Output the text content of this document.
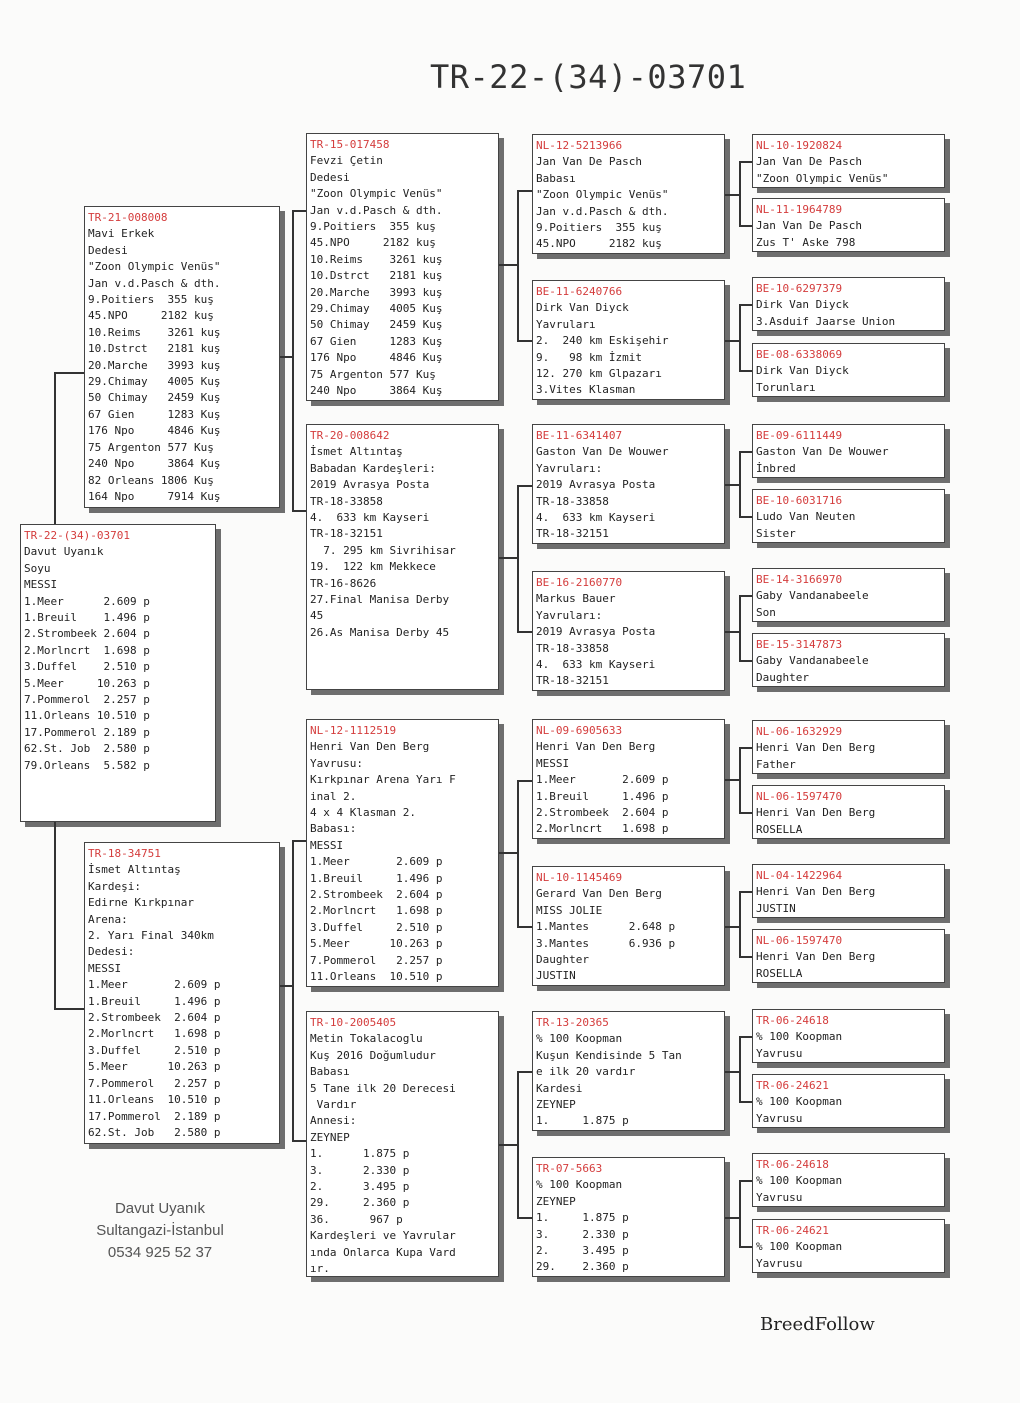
TR-22-(34)-03701
TR-22-(34)-03701
Davut Uyanık
Soyu
MESSI
1.Meer      2.609 p
1.Breuil    1.496 p
2.Strombeek 2.604 p
2.Morlncrt  1.698 p
3.Duffel    2.510 p
5.Meer     10.263 p
7.Pommerol  2.257 p
11.Orleans 10.510 p
17.Pommerol 2.189 p
62.St. Job  2.580 p
79.Orleans  5.582 p
TR-21-008008
Mavi Erkek
Dedesi
"Zoon Olympic Venüs"
Jan v.d.Pasch & dth.
9.Poitiers  355 kuş
45.NPO     2182 kuş
10.Reims    3261 kuş
10.Dstrct   2181 kuş
20.Marche   3993 kuş
29.Chimay   4005 Kuş
50 Chimay   2459 Kuş
67 Gien     1283 Kuş
176 Npo     4846 Kuş
75 Argenton 577 Kuş
240 Npo     3864 Kuş
82 Orleans 1806 Kuş
164 Npo     7914 Kuş
TR-18-34751
İsmet Altıntaş
Kardeşi:
Edirne Kırkpınar
Arena:
2. Yarı Final 340km
Dedesi:
MESSI
1.Meer       2.609 p
1.Breuil     1.496 p
2.Strombeek  2.604 p
2.Morlncrt   1.698 p
3.Duffel     2.510 p
5.Meer      10.263 p
7.Pommerol   2.257 p
11.Orleans  10.510 p
17.Pommerol  2.189 p
62.St. Job   2.580 p
TR-15-017458
Fevzi Çetin
Dedesi
"Zoon Olympic Venüs"
Jan v.d.Pasch & dth.
9.Poitiers  355 kuş
45.NPO     2182 kuş
10.Reims    3261 kuş
10.Dstrct   2181 kuş
20.Marche   3993 kuş
29.Chimay   4005 Kuş
50 Chimay   2459 Kuş
67 Gien     1283 Kuş
176 Npo     4846 Kuş
75 Argenton 577 Kuş
240 Npo     3864 Kuş
TR-20-008642
İsmet Altıntaş
Babadan Kardeşleri:
2019 Avrasya Posta
TR-18-33858
4.  633 km Kayseri
TR-18-32151
7. 295 km Sivrihisar
19.  122 km Mekkece
TR-16-8626
27.Final Manisa Derby
45
26.As Manisa Derby 45
NL-12-1112519
Henri Van Den Berg
Yavrusu:
Kırkpınar Arena Yarı F
inal 2.
4 x 4 Klasman 2.
Babası:
MESSI
1.Meer       2.609 p
1.Breuil     1.496 p
2.Strombeek  2.604 p
2.Morlncrt   1.698 p
3.Duffel     2.510 p
5.Meer      10.263 p
7.Pommerol   2.257 p
11.Orleans  10.510 p
TR-10-2005405
Metin Tokalacoglu
Kuş 2016 Doğumludur
Babası
5 Tane ilk 20 Derecesi
Vardır
Annesi:
ZEYNEP
1.      1.875 p
3.      2.330 p
2.      3.495 p
29.     2.360 p
36.      967 p
Kardeşleri ve Yavrular
ında Onlarca Kupa Vard
ır.
NL-12-5213966
Jan Van De Pasch
Babası
"Zoon Olympic Venüs"
Jan v.d.Pasch & dth.
9.Poitiers  355 kuş
45.NPO     2182 kuş
BE-11-6240766
Dirk Van Diyck
Yavruları
2.  240 km Eskişehir
9.   98 km İzmit
12. 270 km Glpazarı
3.Vites Klasman
BE-11-6341407
Gaston Van De Wouwer
Yavruları:
2019 Avrasya Posta
TR-18-33858
4.  633 km Kayseri
TR-18-32151
BE-16-2160770
Markus Bauer
Yavruları:
2019 Avrasya Posta
TR-18-33858
4.  633 km Kayseri
TR-18-32151
NL-09-6905633
Henri Van Den Berg
MESSI
1.Meer       2.609 p
1.Breuil     1.496 p
2.Strombeek  2.604 p
2.Morlncrt   1.698 p
NL-10-1145469
Gerard Van Den Berg
MISS JOLIE
1.Mantes      2.648 p
3.Mantes      6.936 p
Daughter
JUSTIN
TR-13-20365
% 100 Koopman
Kuşun Kendisinde 5 Tan
e ilk 20 vardır
Kardesi
ZEYNEP
1.     1.875 p
TR-07-5663
% 100 Koopman
ZEYNEP
1.     1.875 p
3.     2.330 p
2.     3.495 p
29.    2.360 p
NL-10-1920824
Jan Van De Pasch
"Zoon Olympic Venüs"
NL-11-1964789
Jan Van De Pasch
Zus T' Aske 798
BE-10-6297379
Dirk Van Diyck
3.Asduif Jaarse Union
BE-08-6338069
Dirk Van Diyck
Torunları
BE-09-6111449
Gaston Van De Wouwer
İnbred
BE-10-6031716
Ludo Van Neuten
Sister
BE-14-3166970
Gaby Vandanabeele
Son
BE-15-3147873
Gaby Vandanabeele
Daughter
NL-06-1632929
Henri Van Den Berg
Father
NL-06-1597470
Henri Van Den Berg
ROSELLA
NL-04-1422964
Henri Van Den Berg
JUSTIN
NL-06-1597470
Henri Van Den Berg
ROSELLA
TR-06-24618
% 100 Koopman
Yavrusu
TR-06-24621
% 100 Koopman
Yavrusu
TR-06-24618
% 100 Koopman
Yavrusu
TR-06-24621
% 100 Koopman
Yavrusu
Davut Uyanık
Sultangazi-İstanbul
0534 925 52 37
BreedFollow
